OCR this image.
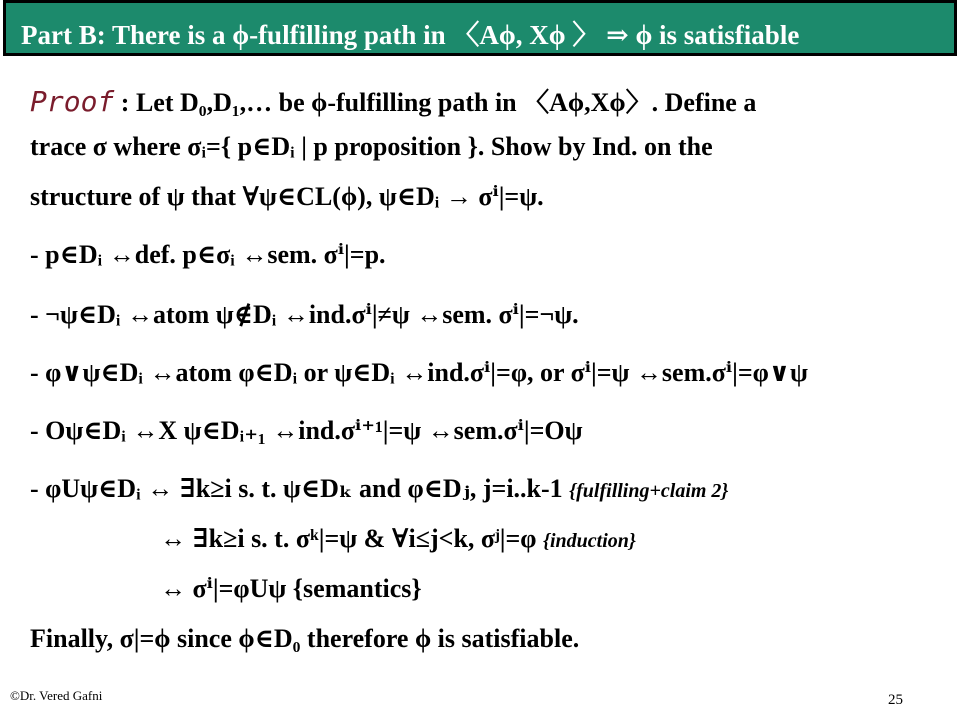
Part B: There is a ϕ-fulfilling path in 〈Aϕ, Xϕ 〉 ⇒ ϕ is satisfiable
Proof : Let D₀,D₁,… be ϕ-fulfilling path in 〈Aϕ,Xϕ〉. Define a
trace σ where σᵢ={ p∈Dᵢ | p proposition }. Show by Ind. on the
structure of ψ that ∀ψ∈CL(ϕ), ψ∈Dᵢ → σⁱ|=ψ.
- p∈Dᵢ ↔def. p∈σᵢ ↔sem. σⁱ|=p.
- ¬ψ∈Dᵢ ↔atom ψ∉Dᵢ ↔ind.σⁱ|≠ψ ↔sem. σⁱ|=¬ψ.
- φ∨ψ∈Dᵢ ↔atom φ∈Dᵢ or ψ∈Dᵢ ↔ind.σⁱ|=φ, or σⁱ|=ψ ↔sem.σⁱ|=φ∨ψ
- Oψ∈Dᵢ ↔X ψ∈Dᵢ₊₁ ↔ind.σⁱ⁺¹|=ψ ↔sem.σⁱ|=Oψ
- φUψ∈Dᵢ ↔ ∃k≥i s. t. ψ∈Dₖ and φ∈Dⱼ, j=i..k-1 {fulfilling+claim 2}
↔ ∃k≥i s. t. σᵏ|=ψ & ∀i≤j<k, σʲ|=φ {induction}
↔ σⁱ|=φUψ {semantics}
Finally, σ|=ϕ since ϕ∈D₀ therefore ϕ is satisfiable.
©Dr. Vered Gafni	25
